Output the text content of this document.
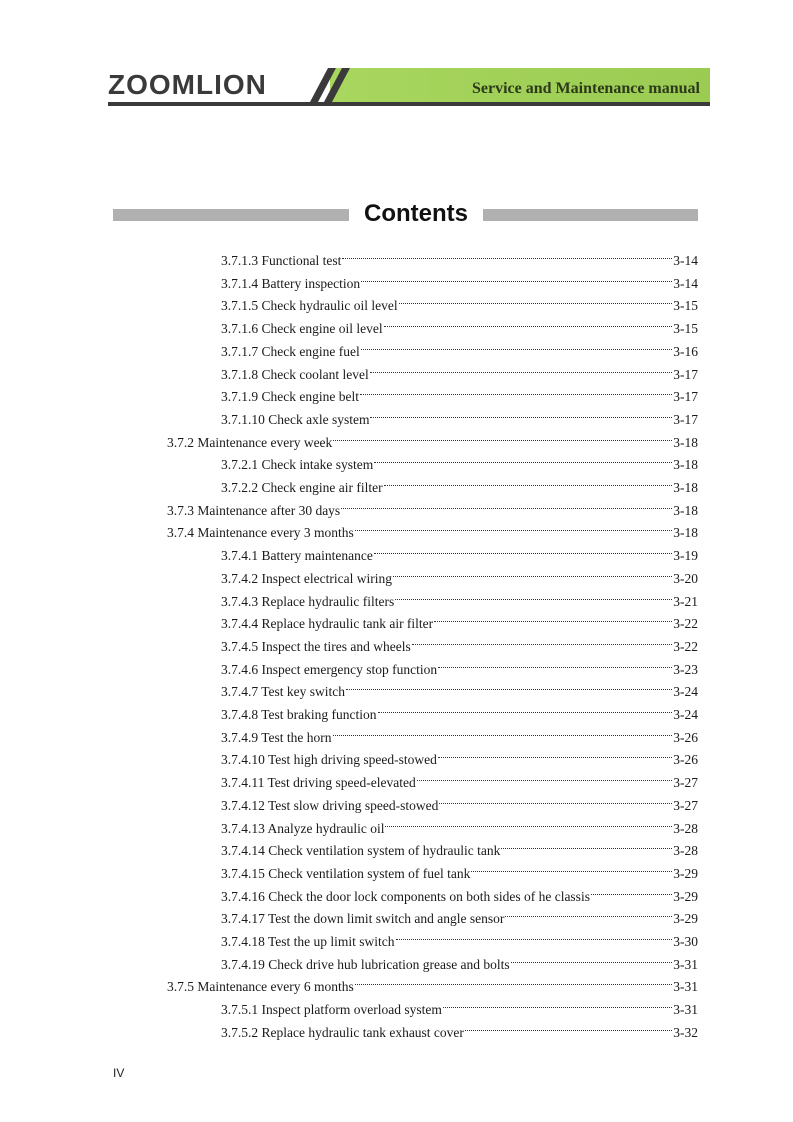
Service and Maintenance manual
ZOOMLION
Contents
3.7.1.3 Functional test	3-14
3.7.1.4 Battery inspection	3-14
3.7.1.5 Check hydraulic oil level	3-15
3.7.1.6 Check engine oil level	3-15
3.7.1.7 Check engine fuel	3-16
3.7.1.8 Check coolant level	3-17
3.7.1.9 Check engine belt	3-17
3.7.1.10 Check axle system	3-17
3.7.2 Maintenance every week	3-18
3.7.2.1 Check intake system	3-18
3.7.2.2 Check engine air filter	3-18
3.7.3 Maintenance after 30 days	3-18
3.7.4 Maintenance every 3 months	3-18
3.7.4.1 Battery maintenance	3-19
3.7.4.2 Inspect electrical wiring	3-20
3.7.4.3 Replace hydraulic filters	3-21
3.7.4.4 Replace hydraulic tank air filter	3-22
3.7.4.5 Inspect the tires and wheels	3-22
3.7.4.6 Inspect emergency stop function	3-23
3.7.4.7 Test key switch	3-24
3.7.4.8 Test braking function	3-24
3.7.4.9 Test the horn	3-26
3.7.4.10 Test high driving speed-stowed	3-26
3.7.4.11 Test driving speed-elevated	3-27
3.7.4.12 Test slow driving speed-stowed	3-27
3.7.4.13 Analyze hydraulic oil	3-28
3.7.4.14 Check ventilation system of hydraulic tank	3-28
3.7.4.15 Check ventilation system of fuel tank	3-29
3.7.4.16 Check the door lock components on both sides of he classis	3-29
3.7.4.17 Test the down limit switch and angle sensor	3-29
3.7.4.18 Test the up limit switch	3-30
3.7.4.19 Check drive hub lubrication grease and bolts	3-31
3.7.5 Maintenance every 6 months	3-31
3.7.5.1 Inspect platform overload system	3-31
3.7.5.2 Replace hydraulic tank exhaust cover	3-32
IV
